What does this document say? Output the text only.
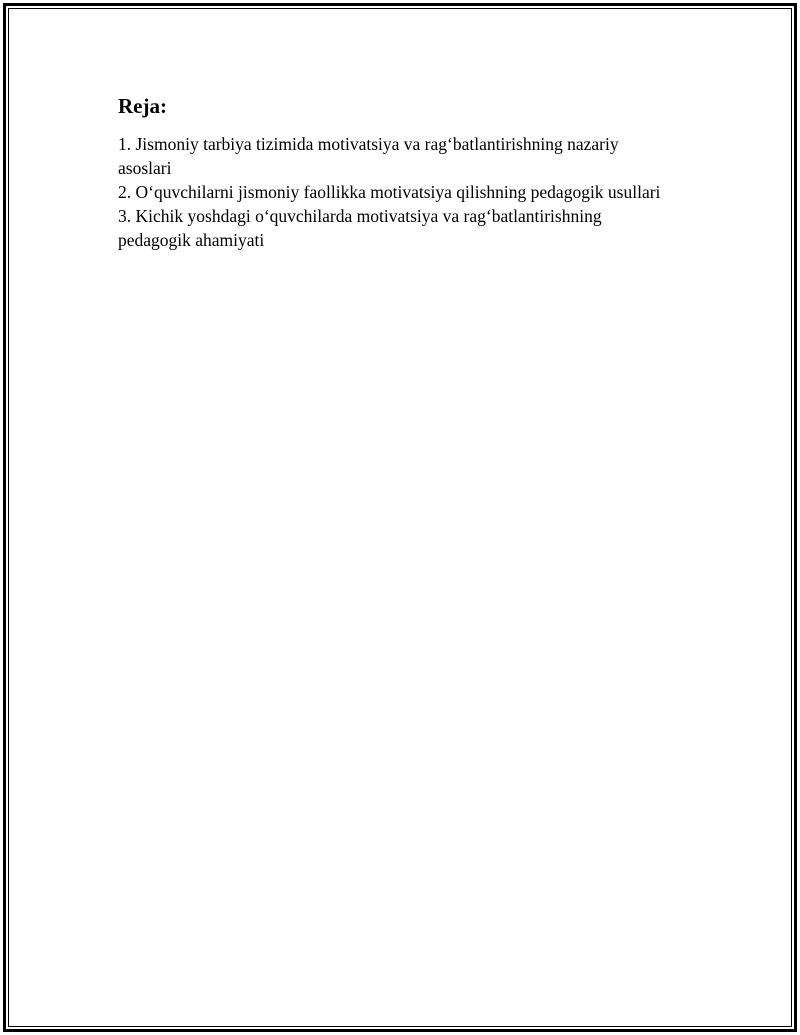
Reja:
1. Jismoniy tarbiya tizimida motivatsiya va rag‘batlantirishning nazariy asoslari
2. O‘quvchilarni jismoniy faollikka motivatsiya qilishning pedagogik usullari
3. Kichik yoshdagi o‘quvchilarda motivatsiya va rag‘batlantirishning pedagogik ahamiyati
